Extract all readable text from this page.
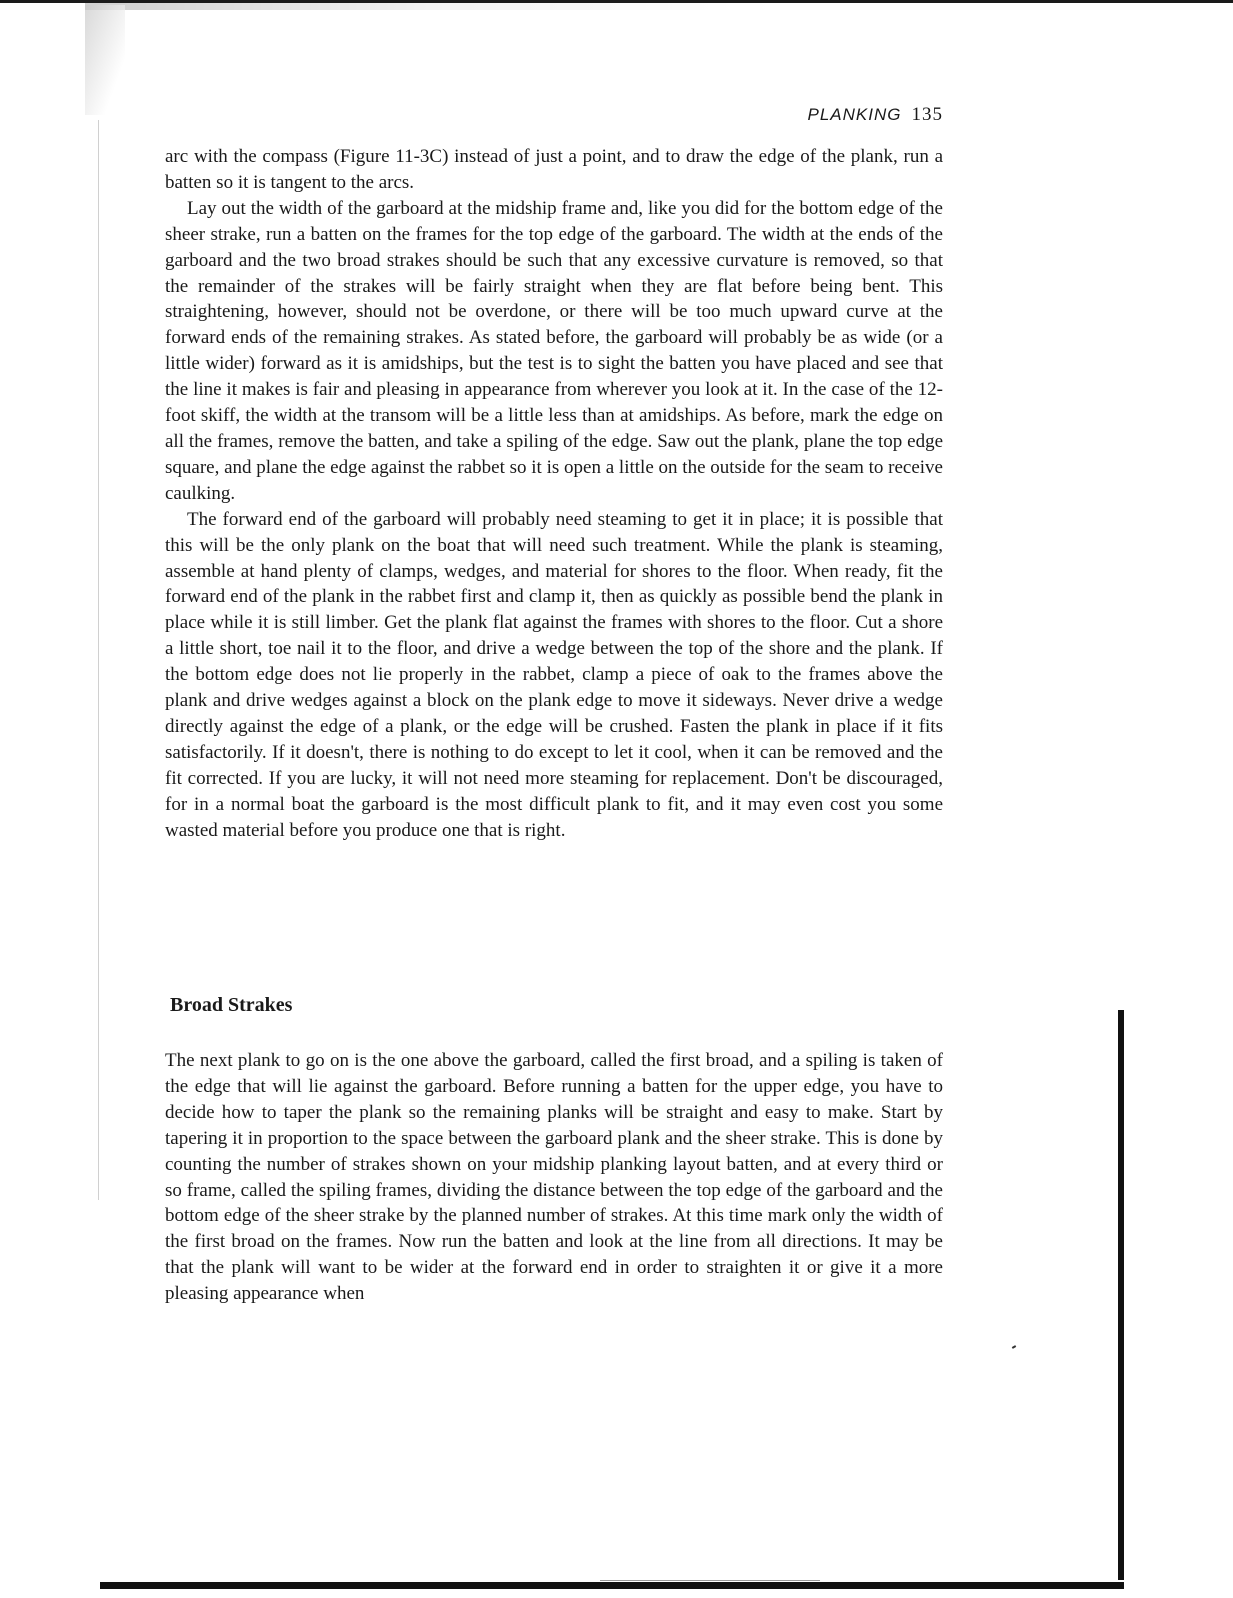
PLANKING 135

arc with the compass (Figure 11-3C) instead of just a point, and to draw the edge of the plank, run a batten so it is tangent to the arcs.

Lay out the width of the garboard at the midship frame and, like you did for the bottom edge of the sheer strake, run a batten on the frames for the top edge of the garboard. The width at the ends of the garboard and the two broad strakes should be such that any excessive curvature is removed, so that the remainder of the strakes will be fairly straight when they are flat before being bent. This straightening, however, should not be overdone, or there will be too much upward curve at the forward ends of the remaining strakes. As stated before, the garboard will probably be as wide (or a little wider) forward as it is amidships, but the test is to sight the batten you have placed and see that the line it makes is fair and pleasing in appearance from wherever you look at it. In the case of the 12-foot skiff, the width at the transom will be a little less than at amidships. As before, mark the edge on all the frames, remove the batten, and take a spiling of the edge. Saw out the plank, plane the top edge square, and plane the edge against the rabbet so it is open a little on the outside for the seam to receive caulking.

The forward end of the garboard will probably need steaming to get it in place; it is possible that this will be the only plank on the boat that will need such treatment. While the plank is steaming, assemble at hand plenty of clamps, wedges, and material for shores to the floor. When ready, fit the forward end of the plank in the rabbet first and clamp it, then as quickly as possible bend the plank in place while it is still limber. Get the plank flat against the frames with shores to the floor. Cut a shore a little short, toe nail it to the floor, and drive a wedge between the top of the shore and the plank. If the bottom edge does not lie properly in the rabbet, clamp a piece of oak to the frames above the plank and drive wedges against a block on the plank edge to move it sideways. Never drive a wedge directly against the edge of a plank, or the edge will be crushed. Fasten the plank in place if it fits satisfactorily. If it doesn't, there is nothing to do except to let it cool, when it can be removed and the fit corrected. If you are lucky, it will not need more steaming for replacement. Don't be discouraged, for in a normal boat the garboard is the most difficult plank to fit, and it may even cost you some wasted material before you produce one that is right.

Broad Strakes

The next plank to go on is the one above the garboard, called the first broad, and a spiling is taken of the edge that will lie against the garboard. Before running a batten for the upper edge, you have to decide how to taper the plank so the remaining planks will be straight and easy to make. Start by tapering it in proportion to the space between the garboard plank and the sheer strake. This is done by counting the number of strakes shown on your midship planking layout batten, and at every third or so frame, called the spiling frames, dividing the distance between the top edge of the garboard and the bottom edge of the sheer strake by the planned number of strakes. At this time mark only the width of the first broad on the frames. Now run the batten and look at the line from all directions. It may be that the plank will want to be wider at the forward end in order to straighten it or give it a more pleasing appearance when
